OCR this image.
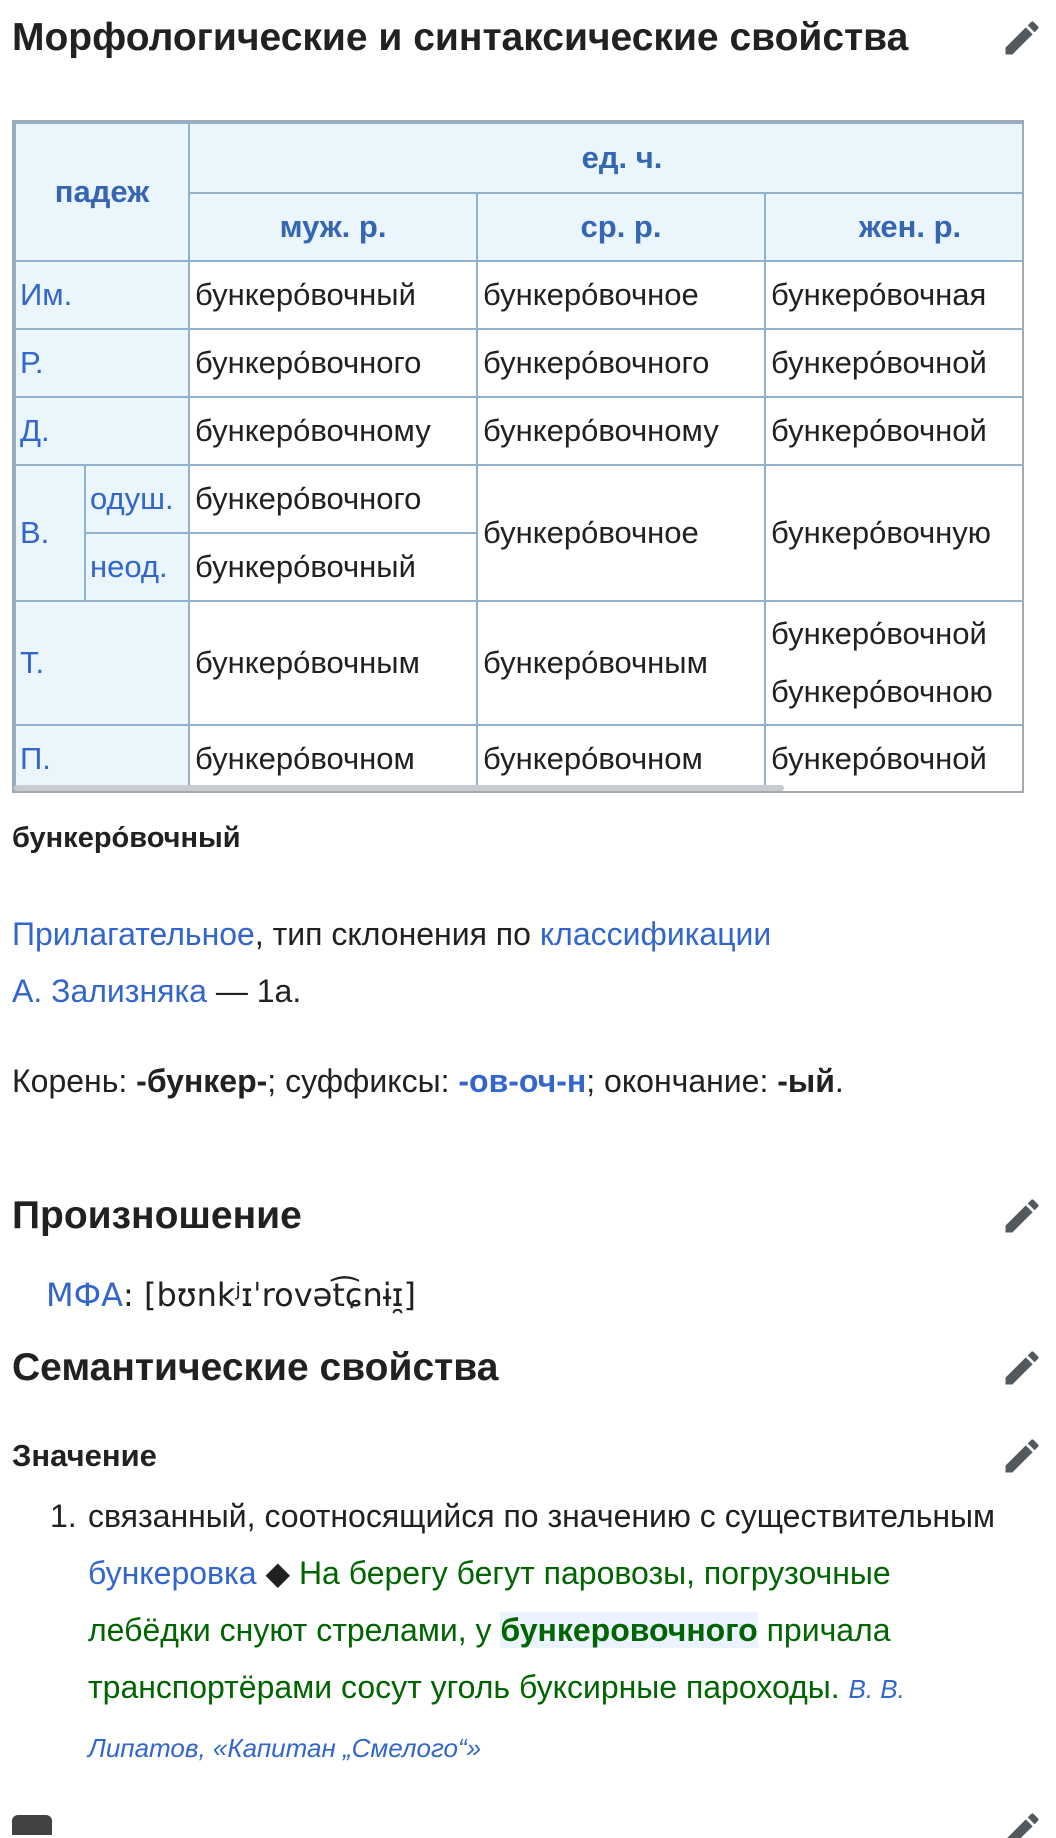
Морфологические и синтаксические свойства
падеж		ед. ч.		
		муж. р.	ср. р.	жен. р.
Им.		бункеро́вочный	бункеро́вочное	бункеро́вочная
Р.		бункеро́вочного	бункеро́вочного	бункеро́вочной
Д.		бункеро́вочному	бункеро́вочному	бункеро́вочной
В.	одуш.	бункеро́вочного	бункеро́вочное	бункеро́вочную
	неод.	бункеро́вочный		
Т.		бункеро́вочным	бункеро́вочным	бункеро́вочной
бункеро́вочною

П.		бункеро́вочном	бункеро́вочном	бункеро́вочной
бункеро́вочный
Прилагательное, тип склонения по классификации
А. Зализняка — 1a.
Корень: -бункер-; суффиксы: -ов-оч-н; окончание: -ый.
Произношение
МФА: [bʊnkʲɪˈrovət͡ɕnɨɪ̯]
Семантические свойства
Значение
1. связанный, соотносящийся по значению с существительным бункеровка ◆ На берегу бегут паровозы, погрузочные лебёдки снуют стрелами, у бункеровочного причала транспортёрами сосут уголь буксирные пароходы. В. В. Липатов, «Капитан „Смелого“»
